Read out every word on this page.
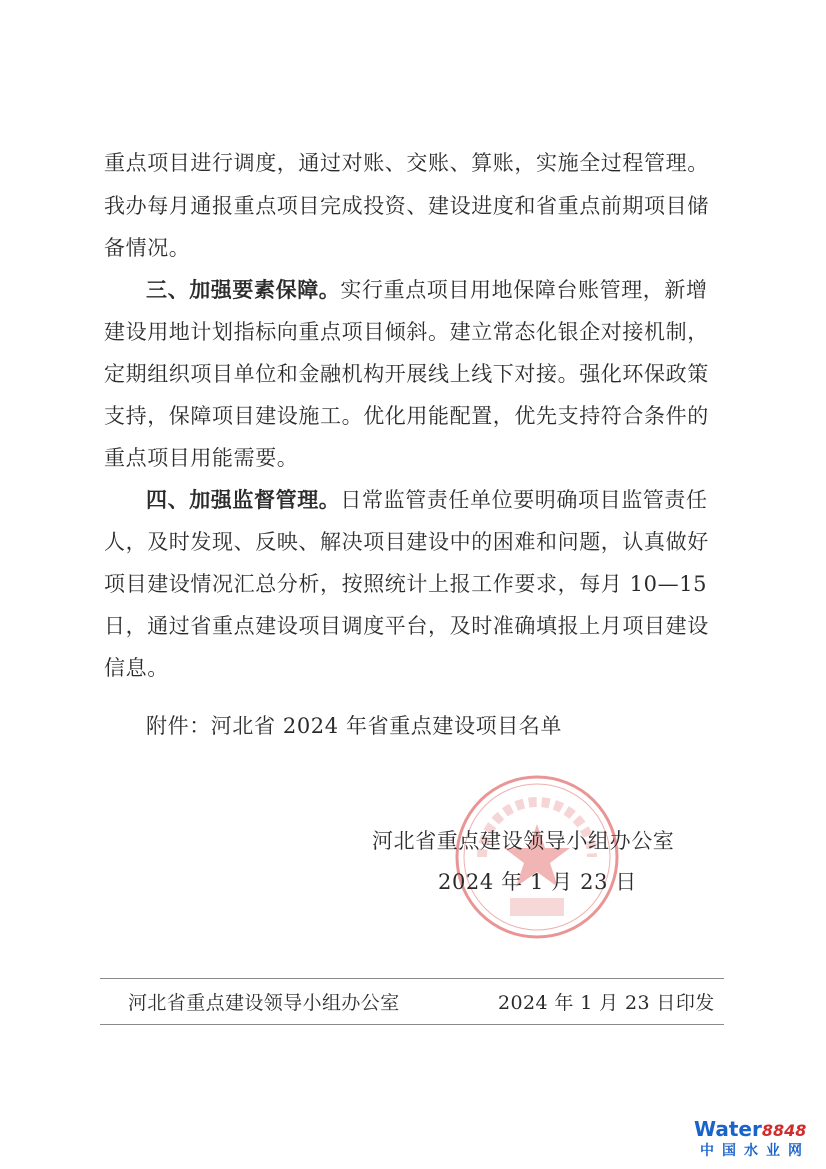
重点项目进行调度，通过对账、交账、算账，实施全过程管理。
我办每月通报重点项目完成投资、建设进度和省重点前期项目储
备情况。
三、加强要素保障。实行重点项目用地保障台账管理，新增
建设用地计划指标向重点项目倾斜。建立常态化银企对接机制，
定期组织项目单位和金融机构开展线上线下对接。强化环保政策
支持，保障项目建设施工。优化用能配置，优先支持符合条件的
重点项目用能需要。
四、加强监督管理。日常监管责任单位要明确项目监管责任
人，及时发现、反映、解决项目建设中的困难和问题，认真做好
项目建设情况汇总分析，按照统计上报工作要求，每月 10—15
日，通过省重点建设项目调度平台，及时准确填报上月项目建设
信息。
附件：河北省 2024 年省重点建设项目名单
河北省重点建设领导小组办公室
2024 年 1 月 23 日
河北省重点建设领导小组办公室	2024 年 1 月 23 日印发
Water8848
中国水业网
